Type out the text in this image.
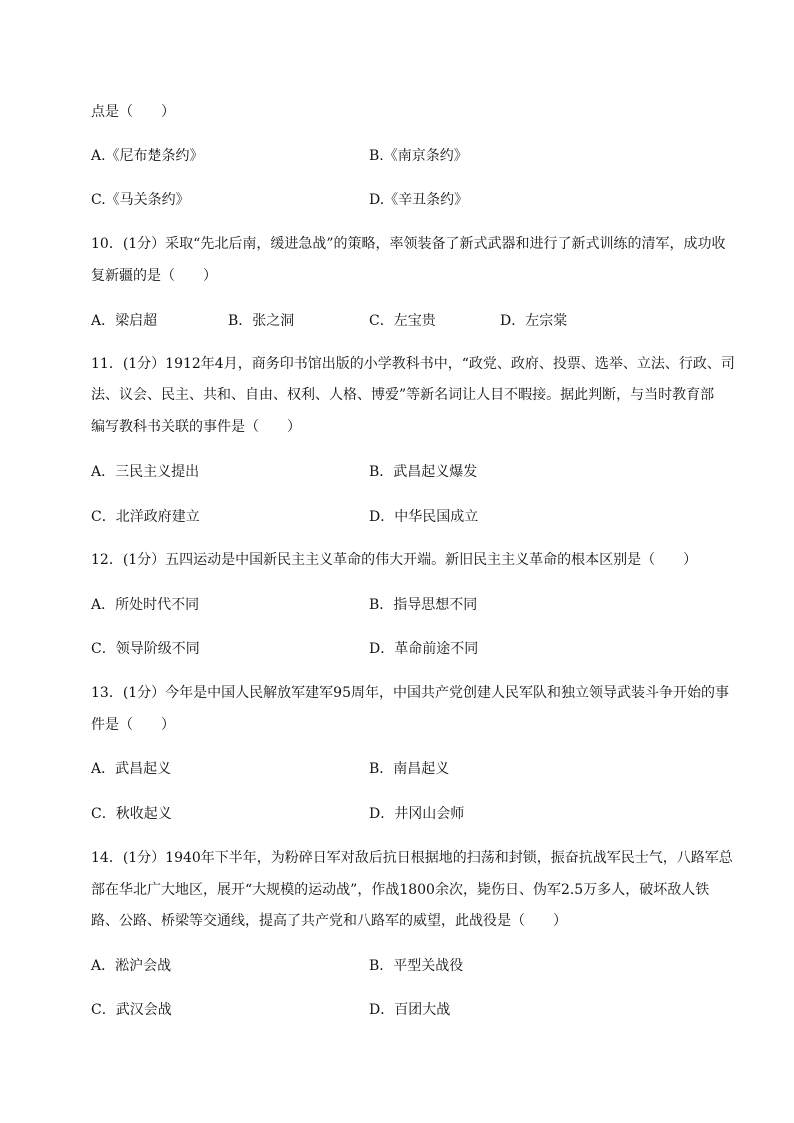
点是（　　）
A.《尼布楚条约》	B.《南京条约》
C.《马关条约》	D.《辛丑条约》
10．(1分）采取“先北后南，缓进急战”的策略，率领装备了新式武器和进行了新式训练的清军，成功收
复新疆的是（　　）
A．梁启超	B．张之洞	C．左宝贵	D．左宗棠
11．(1分）1912年4月，商务印书馆出版的小学教科书中，“政党、政府、投票、选举、立法、行政、司
法、议会、民主、共和、自由、权利、人格、博爱”等新名词让人目不暇接。据此判断，与当时教育部
编写教科书关联的事件是（　　）
A．三民主义提出	B．武昌起义爆发
C．北洋政府建立	D．中华民国成立
12．(1分）五四运动是中国新民主主义革命的伟大开端。新旧民主主义革命的根本区别是（　　）
A．所处时代不同	B．指导思想不同
C．领导阶级不同	D．革命前途不同
13．(1分）今年是中国人民解放军建军95周年，中国共产党创建人民军队和独立领导武装斗争开始的事
件是（　　）
A．武昌起义	B．南昌起义
C．秋收起义	D．井冈山会师
14．(1分）1940年下半年，为粉碎日军对敌后抗日根据地的扫荡和封锁，振奋抗战军民士气，八路军总
部在华北广大地区，展开“大规模的运动战”，作战1800余次，毙伤日、伪军2.5万多人，破坏敌人铁
路、公路、桥梁等交通线，提高了共产党和八路军的威望，此战役是（　　）
A．淞沪会战	B．平型关战役
C．武汉会战	D．百团大战
